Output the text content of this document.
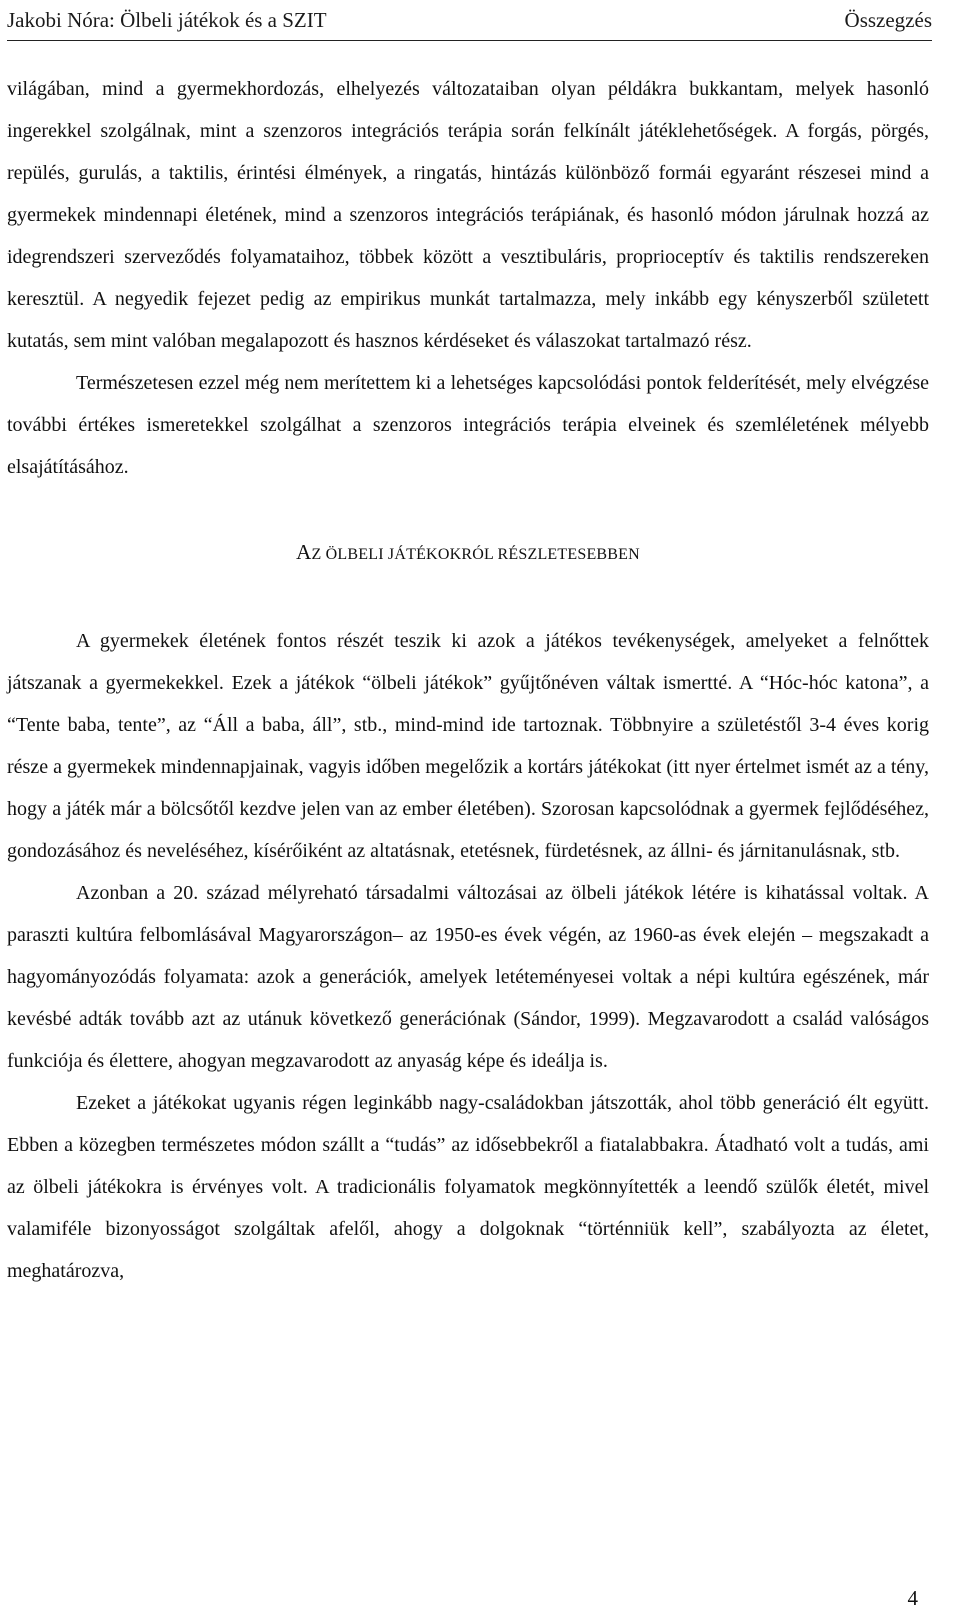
Jakobi Nóra: Ölbeli játékok és a SZIT	Összegzés

világában, mind a gyermekhordozás, elhelyezés változataiban olyan példákra bukkantam, melyek hasonló ingerekkel szolgálnak, mint a szenzoros integrációs terápia során felkínált játéklehetőségek. A forgás, pörgés, repülés, gurulás, a taktilis, érintési élmények, a ringatás, hintázás különböző formái egyaránt részesei mind a gyermekek mindennapi életének, mind a szenzoros integrációs terápiának, és hasonló módon járulnak hozzá az idegrendszeri szerveződés folyamataihoz, többek között a vesztibuláris, proprioceptív és taktilis rendszereken keresztül. A negyedik fejezet pedig az empirikus munkát tartalmazza, mely inkább egy kényszerből született kutatás, sem mint valóban megalapozott és hasznos kérdéseket és válaszokat tartalmazó rész.

Természetesen ezzel még nem merítettem ki a lehetséges kapcsolódási pontok felderítését, mely elvégzése további értékes ismeretekkel szolgálhat a szenzoros integrációs terápia elveinek és szemléletének mélyebb elsajátításához.

AZ ÖLBELI JÁTÉKOKRÓL RÉSZLETESEBBEN

A gyermekek életének fontos részét teszik ki azok a játékos tevékenységek, amelyeket a felnőttek játszanak a gyermekekkel. Ezek a játékok “ölbeli játékok” gyűjtőnéven váltak ismertté. A “Hóc-hóc katona”, a “Tente baba, tente”, az “Áll a baba, áll”, stb., mind-mind ide tartoznak. Többnyire a születéstől 3-4 éves korig része a gyermekek mindennapjainak, vagyis időben megelőzik a kortárs játékokat (itt nyer értelmet ismét az a tény, hogy a játék már a bölcsőtől kezdve jelen van az ember életében). Szorosan kapcsolódnak a gyermek fejlődéséhez, gondozásához és neveléséhez, kísérőiként az altatásnak, etetésnek, fürdetésnek, az állni- és járnitanulásnak, stb.

Azonban a 20. század mélyreható társadalmi változásai az ölbeli játékok létére is kihatással voltak. A paraszti kultúra felbomlásával Magyarországon– az 1950-es évek végén, az 1960-as évek elején – megszakadt a hagyományozódás folyamata: azok a generációk, amelyek letéteményesei voltak a népi kultúra egészének, már kevésbé adták tovább azt az utánuk következő generációnak (Sándor, 1999). Megzavarodott a család valóságos funkciója és élettere, ahogyan megzavarodott az anyaság képe és ideálja is.

Ezeket a játékokat ugyanis régen leginkább nagy-családokban játszották, ahol több generáció élt együtt. Ebben a közegben természetes módon szállt a “tudás” az idősebbekről a fiatalabbakra. Átadható volt a tudás, ami az ölbeli játékokra is érvényes volt. A tradicionális folyamatok megkönnyítették a leendő szülők életét, mivel valamiféle bizonyosságot szolgáltak afelől, ahogy a dolgoknak “történniük kell”, szabályozta az életet, meghatározva,

4
